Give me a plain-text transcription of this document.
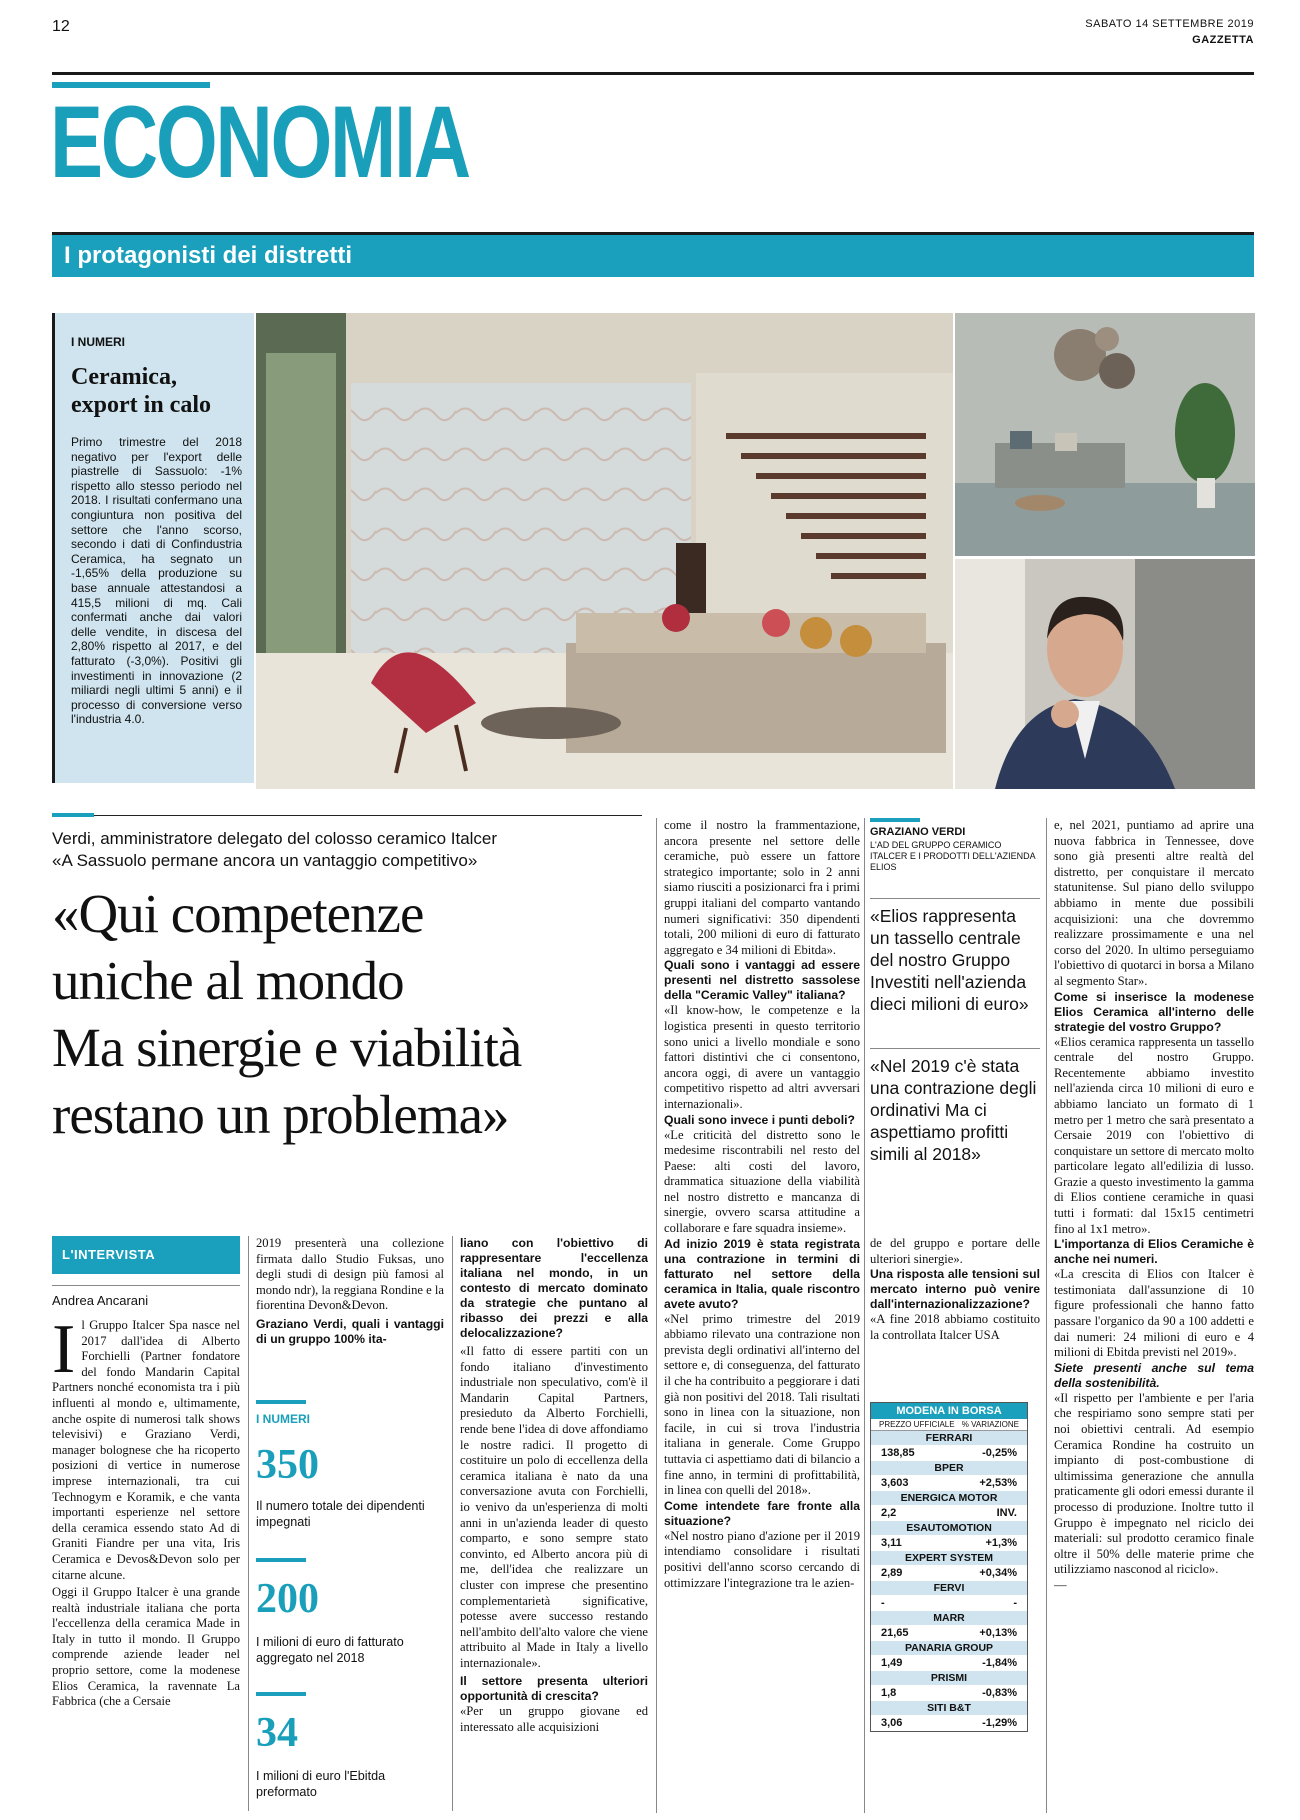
12	SABATO 14 SETTEMBRE 2019
GAZZETTA
ECONOMIA
I protagonisti dei distretti
I NUMERI
Ceramica, export in calo
Primo trimestre del 2018 negativo per l'export delle piastrelle di Sassuolo: -1% rispetto allo stesso periodo nel 2018. I risultati confermano una congiuntura non positiva del settore che l'anno scorso, secondo i dati di Confindustria Ceramica, ha segnato un -1,65% della produzione su base annuale attestandosi a 415,5 milioni di mq. Cali confermati anche dai valori delle vendite, in discesa del 2,80% rispetto al 2017, e del fatturato (-3,0%). Positivi gli investimenti in innovazione (2 miliardi negli ultimi 5 anni) e il processo di conversione verso l'industria 4.0.
Verdi, amministratore delegato del colosso ceramico Italcer
«A Sassuolo permane ancora un vantaggio competitivo»
«Qui competenze
uniche al mondo
Ma sinergie e viabilità
restano un problema»
L'INTERVISTA
Andrea Ancarani
I l Gruppo Italcer Spa nasce nel 2017 dall'idea di Alberto Forchielli (Partner fondatore del fondo Mandarin Capital Partners nonché economista tra i più influenti al mondo e, ultimamente, anche ospite di numerosi talk shows televisivi) e Graziano Verdi, manager bolognese che ha ricoperto posizioni di vertice in numerose imprese internazionali, tra cui Technogym e Koramik, e che vanta importanti esperienze nel settore della ceramica essendo stato Ad di Graniti Fiandre per una vita, Iris Ceramica e Devos&Devon solo per citarne alcune.

Oggi il Gruppo Italcer è una grande realtà industriale italiana che porta l'eccellenza della ceramica Made in Italy in tutto il mondo. Il Gruppo comprende aziende leader nel proprio settore, come la modenese Elios Ceramica, la ravennate La Fabbrica (che a Cersaie

2019 presenterà una collezione firmata dallo Studio Fuksas, uno degli studi di design più famosi al mondo ndr), la reggiana Rondine e la fiorentina Devon&Devon.

Graziano Verdi, quali i vantaggi di un gruppo 100% ita-

I NUMERI
350
Il numero totale dei dipendenti impegnati
200
I milioni di euro di fatturato aggregato nel 2018
34
I milioni di euro l'Ebitda preformato

liano con l'obiettivo di rappresentare l'eccellenza italiana nel mondo, in un contesto di mercato dominato da strategie che puntano al ribasso dei prezzi e alla delocalizzazione?

«Il fatto di essere partiti con un fondo italiano d'investimento industriale non speculativo, com'è il Mandarin Capital Partners, presieduto da Alberto Forchielli, rende bene l'idea di dove affondiamo le nostre radici. Il progetto di costituire un polo di eccellenza della ceramica italiana è nato da una conversazione avuta con Forchielli, io venivo da un'esperienza di molti anni in un'azienda leader di questo comparto, e sono sempre stato convinto, ed Alberto ancora più di me, dell'idea che realizzare un cluster con imprese che presentino complementarietà significative, potesse avere successo restando nell'ambito dell'alto valore che viene attribuito al Made in Italy a livello internazionale».

Il settore presenta ulteriori opportunità di crescita?

«Per un gruppo giovane ed interessato alle acquisizioni

come il nostro la frammentazione, ancora presente nel settore delle ceramiche, può essere un fattore strategico importante; solo in 2 anni siamo riusciti a posizionarci fra i primi gruppi italiani del comparto vantando numeri significativi: 350 dipendenti totali, 200 milioni di euro di fatturato aggregato e 34 milioni di Ebitda».

Quali sono i vantaggi ad essere presenti nel distretto sassolese della "Ceramic Valley" italiana?

«Il know-how, le competenze e la logistica presenti in questo territorio sono unici a livello mondiale e sono fattori distintivi che ci consentono, ancora oggi, di avere un vantaggio competitivo rispetto ad altri avversari internazionali».

Quali sono invece i punti deboli?

«Le criticità del distretto sono le medesime riscontrabili nel resto del Paese: alti costi del lavoro, drammatica situazione della viabilità nel nostro distretto e mancanza di sinergie, ovvero scarsa attitudine a collaborare e fare squadra insieme».

Ad inizio 2019 è stata registrata una contrazione in termini di fatturato nel settore della ceramica in Italia, quale riscontro avete avuto?

«Nel primo trimestre del 2019 abbiamo rilevato una contrazione non prevista degli ordinativi all'interno del settore e, di conseguenza, del fatturato il che ha contribuito a peggiorare i dati già non positivi del 2018. Tali risultati sono in linea con la situazione, non facile, in cui si trova l'industria italiana in generale. Come Gruppo tuttavia ci aspettiamo dati di bilancio a fine anno, in termini di profittabilità, in linea con quelli del 2018».

Come intendete fare fronte alla situazione?

«Nel nostro piano d'azione per il 2019 intendiamo consolidare i risultati positivi dell'anno scorso cercando di ottimizzare l'integrazione tra le azien-

GRAZIANO VERDI
L'AD DEL GRUPPO CERAMICO ITALCER E I PRODOTTI DELL'AZIENDA ELIOS
«Elios rappresenta un tassello centrale del nostro Gruppo Investiti nell'azienda dieci milioni di euro»
«Nel 2019 c'è stata una contrazione degli ordinativi Ma ci aspettiamo profitti simili al 2018»

de del gruppo e portare delle ulteriori sinergie».

Una risposta alle tensioni sul mercato interno può venire dall'internazionalizzazione?

«A fine 2018 abbiamo costituito la controllata Italcer USA

MODENA IN BORSA
PREZZO UFFICIALE % VARIAZIONE
FERRARI
138,85	-0,25%
BPER
3,603	+2,53%
ENERGICA MOTOR
2,2	INV.
ESAUTOMOTION
3,11	+1,3%
EXPERT SYSTEM
2,89	+0,34%
FERVI
-	-
MARR
21,65	+0,13%
PANARIA GROUP
1,49	-1,84%
PRISMI
1,8	-0,83%
SITI B&T
3,06	-1,29%

e, nel 2021, puntiamo ad aprire una nuova fabbrica in Tennessee, dove sono già presenti altre realtà del distretto, per conquistare il mercato statunitense. Sul piano dello sviluppo abbiamo in mente due possibili acquisizioni: una che dovremmo realizzare prossimamente e una nel corso del 2020. In ultimo perseguiamo l'obiettivo di quotarci in borsa a Milano al segmento Star».

Come si inserisce la modenese Elios Ceramica all'interno delle strategie del vostro Gruppo?

«Elios ceramica rappresenta un tassello centrale del nostro Gruppo. Recentemente abbiamo investito nell'azienda circa 10 milioni di euro e abbiamo lanciato un formato di 1 metro per 1 metro che sarà presentato a Cersaie 2019 con l'obiettivo di conquistare un settore di mercato molto particolare legato all'edilizia di lusso. Grazie a questo investimento la gamma di Elios contiene ceramiche in quasi tutti i formati: dal 15x15 centimetri fino al 1x1 metro».

L'importanza di Elios Ceramiche è anche nei numeri.

«La crescita di Elios con Italcer è testimoniata dall'assunzione di 10 figure professionali che hanno fatto passare l'organico da 90 a 100 addetti e dai numeri: 24 milioni di euro e 4 milioni di Ebitda previsti nel 2019».

Siete presenti anche sul tema della sostenibilità.

«Il rispetto per l'ambiente e per l'aria che respiriamo sono sempre stati per noi obiettivi centrali. Ad esempio Ceramica Rondine ha costruito un impianto di post-combustione di ultimissima generazione che annulla praticamente gli odori emessi durante il processo di produzione. Inoltre tutto il Gruppo è impegnato nel riciclo dei materiali: sul prodotto ceramico finale oltre il 50% delle materie prime che utilizziamo nasconod al riciclo».

—
